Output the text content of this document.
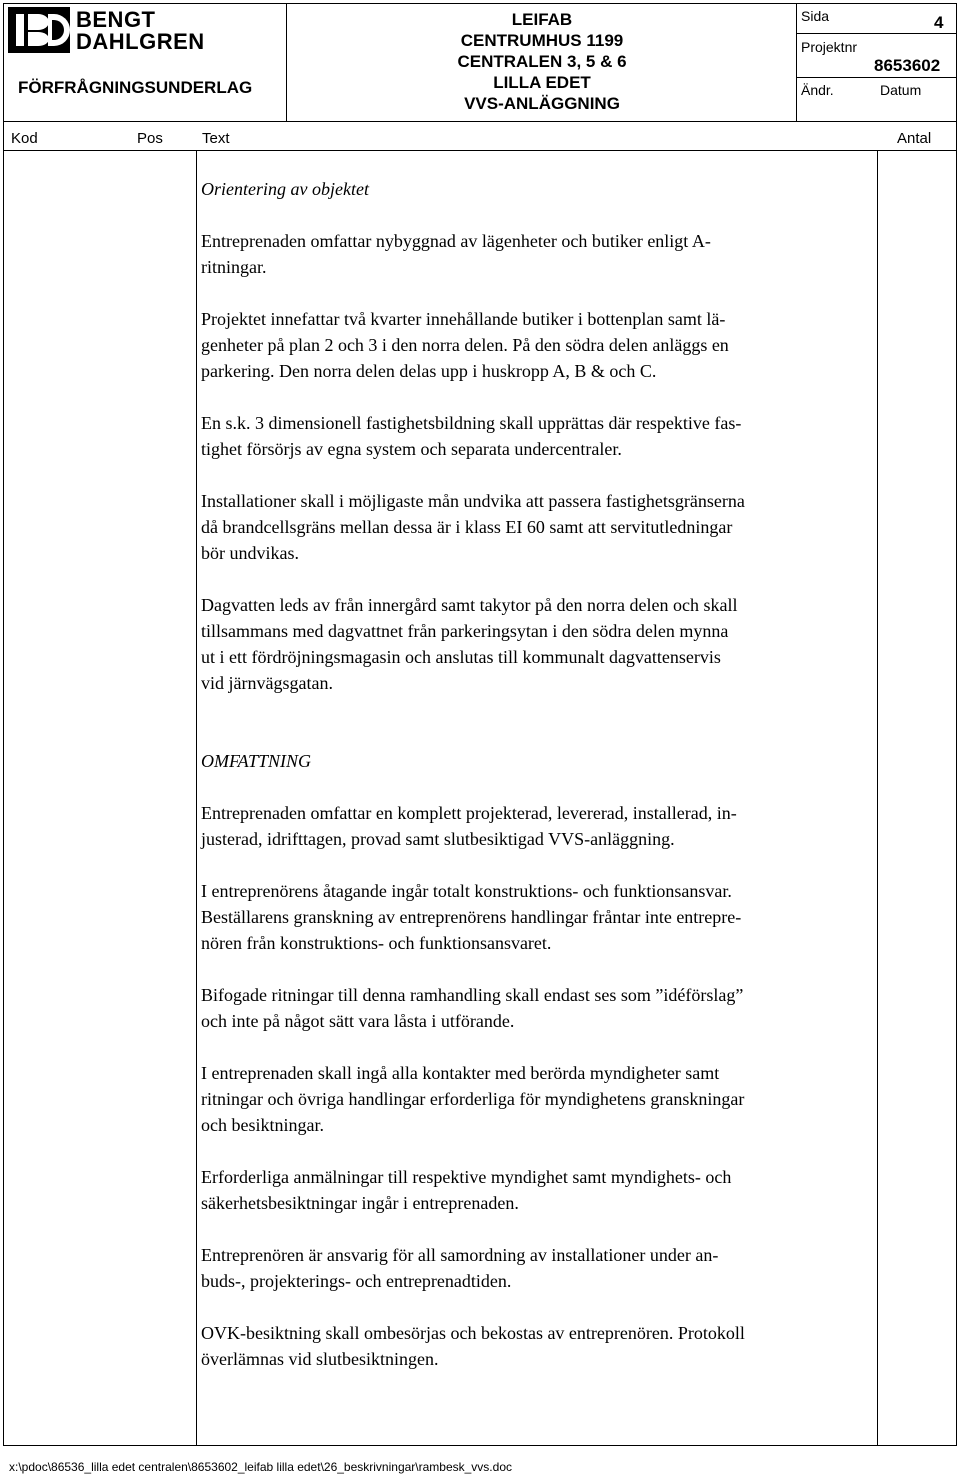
BENGT
DAHLGREN
FÖRFRÅGNINGSUNDERLAG
LEIFAB
CENTRUMHUS 1199
CENTRALEN 3, 5 & 6
LILLA EDET
VVS-ANLÄGGNING
Sida	4
Projektnr
8653602
Ändr.	Datum
Kod	Pos	Text	Antal

Orientering av objektet

Entreprenaden omfattar nybyggnad av lägenheter och butiker enligt A-
ritningar.

Projektet innefattar två kvarter innehållande butiker i bottenplan samt lä-
genheter på plan 2 och 3 i den norra delen. På den södra delen anläggs en
parkering. Den norra delen delas upp i huskropp A, B & och C.

En s.k. 3 dimensionell fastighetsbildning skall upprättas där respektive fas-
tighet försörjs av egna system och separata undercentraler.

Installationer skall i möjligaste mån undvika att passera fastighetsgränserna
då brandcellsgräns mellan dessa är i klass EI 60 samt att servitutledningar
bör undvikas.

Dagvatten leds av från innergård samt takytor på den norra delen och skall
tillsammans med dagvattnet från parkeringsytan i den södra delen mynna
ut i ett fördröjningsmagasin och anslutas till kommunalt dagvattenservis
vid järnvägsgatan.

OMFATTNING

Entreprenaden omfattar en komplett projekterad, levererad, installerad, in-
justerad, idrifttagen, provad samt slutbesiktigad VVS-anläggning.

I entreprenörens åtagande ingår totalt konstruktions- och funktionsansvar.
Beställarens granskning av entreprenörens handlingar fråntar inte entrepre-
nören från konstruktions- och funktionsansvaret.

Bifogade ritningar till denna ramhandling skall endast ses som ”idéförslag”
och inte på något sätt vara låsta i utförande.

I entreprenaden skall ingå alla kontakter med berörda myndigheter samt
ritningar och övriga handlingar erforderliga för myndighetens granskningar
och besiktningar.

Erforderliga anmälningar till respektive myndighet samt myndighets- och
säkerhetsbesiktningar ingår i entreprenaden.

Entreprenören är ansvarig för all samordning av installationer under an-
buds-, projekterings- och entreprenadtiden.

OVK-besiktning skall ombesörjas och bekostas av entreprenören. Protokoll
överlämnas vid slutbesiktningen.

x:\pdoc\86536_lilla edet centralen\8653602_leifab lilla edet\26_beskrivningar\rambesk_vvs.doc
